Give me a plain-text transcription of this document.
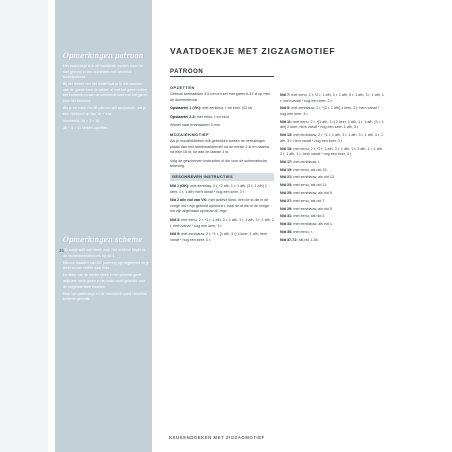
Opmerkingen patroon

Het vaatdoekje is in de handdoek worden losse en niet gebreid in een rechtheek met hetzelfde motiefpatroon.

Bij het breien van het motief laat je in alle naalden van de goede kant de steken af met het garen achter het breiwerk en aan de verkeerde kant met het garen voor het breiwerk.

Als je de maat van dit patroon wilt aanpassen, zet je een veelvoud op van 16 + 5 st.

Voorbeeld: 16 × 2 = 36

36 + 5 = 41 steken opzetten.

Opmerkingen scheme

Elk hokje stelt een steek voor. Het scheme begint in de rechterbenedenhoek bij nld 1.

Nieuwe naalden van GK (oneven) zijn afgebeeld en je leest ze van rechts naar links.

De kleur van de eerste steek in het scheme geeft altijd aan welk garen in de naald moet gebruikt voor de volgende twee naalden.

Voor het vaatdoekje en de handdoek wordt hetzelfde scheme gebruikt.

36
VAATDOEKJE MET ZIGZAGMOTIEF
PATROON
OPZETTEN
Gebruik breinaalden 4,5 mm en zet met garen A 41 st op met de duimmethode.
Opstaartel 1 (VK): met eenkleur, r tot eind. (41 st)
Opstaartel 2-3: met eenu, r tot eind.
Wissel naar breinaalden 5 mm.
MOZAIEKMOTIEF
Als je mozaïekbreien wilt gebruiken tussen de herhalingen plaats dan een steekmarkeerder na de eerste 2 st en daarna na elke 18 st, tot aan de laatste 3 st.
Volg de geschreven instructies of die voor de schematische tekening.
GESCHREVEN INSTRUCTIES
Nld 1 (GK): met eenblaw, 2 r, *2 afh, 1 r, 1 afh, [3 r, 1 afh] 2 keer, 1 r, 1 afh; herh vanaf * nog een keer, 3 r.
Nld 2 alle nld van VK: met actieve kleur, brei de st die in de vorige nld r zijn gebreid opnieuw r, haal de st die in de vorige nld zijn afgehaald opnieuw af, mgv.
Nld 3: met eenu, 2 r, *1 r, 1 afh, 3 r, 1 afh, 1 r, 1 afh, 3 r, 1 afh, 2 r, herh vanaf * nog een keer, 3 r.
Nld 5: met eenblauw, 2 r, *1 r, [1 afh, 3 r] 4 keer, 1 afh; herh vanaf * nog een keer, 3 r.
Nld 7: met eenu, 2 r, *2 r, 1 afh, 3 r, 1 afh, 5 r, 1 afh, 3 r, 1 afh, 1 r; herh vanaf * nog een keer, 3 r.
Nld 9: met eenblauw, 2 r, *[3 r, 1 afh] 4 keer, 2 r, herh vanaf * nog een keer, 3 r.
Nld 11: met eenu, 2 r, *[1 afh, 3 r] 2 keer, 1 afh, 1 r, 1 afh, [3 r, 1 afh] 2 keer; herh vanaf * nog een keer, 1 afh, 3 r.
Nld 13: met eenblauw, 2 r, *1 r, 1 afh, 3 r, 1 afh, 3 r, 1 afh, 3 r, 1 afh, 3 r; herh vanaf * nog een keer, 3 r.
Nld 15: met eenu, 2 r, *2 r, 1 afh, 3 r, 1 afh, 1 r, 3 afh, 1 r, 1 afh, 3 r, 1 afh, 1 r; herh vanaf * nog een keer, 3 r.
Nld 17: met eenblauw, r.
Nld 19: met eenu, als nld 15.
Nld 21: met eenblauw, als nld 13.
Nld 23: met eenu, als nld 11.
Nld 25: met eenblauw, als nld 9.
Nld 27: met eenu, als nld 7.
Nld 29: met eenblauw, als nld 5.
Nld 31: met eenu, als nld 3.
Nld 33: met eenblauw, als nld 1.
Nld 35: met eenu, r.
Nld 37-72: als nld 1-36.
KEUKENDOEKEN MET ZIGZAGMOTIEF
